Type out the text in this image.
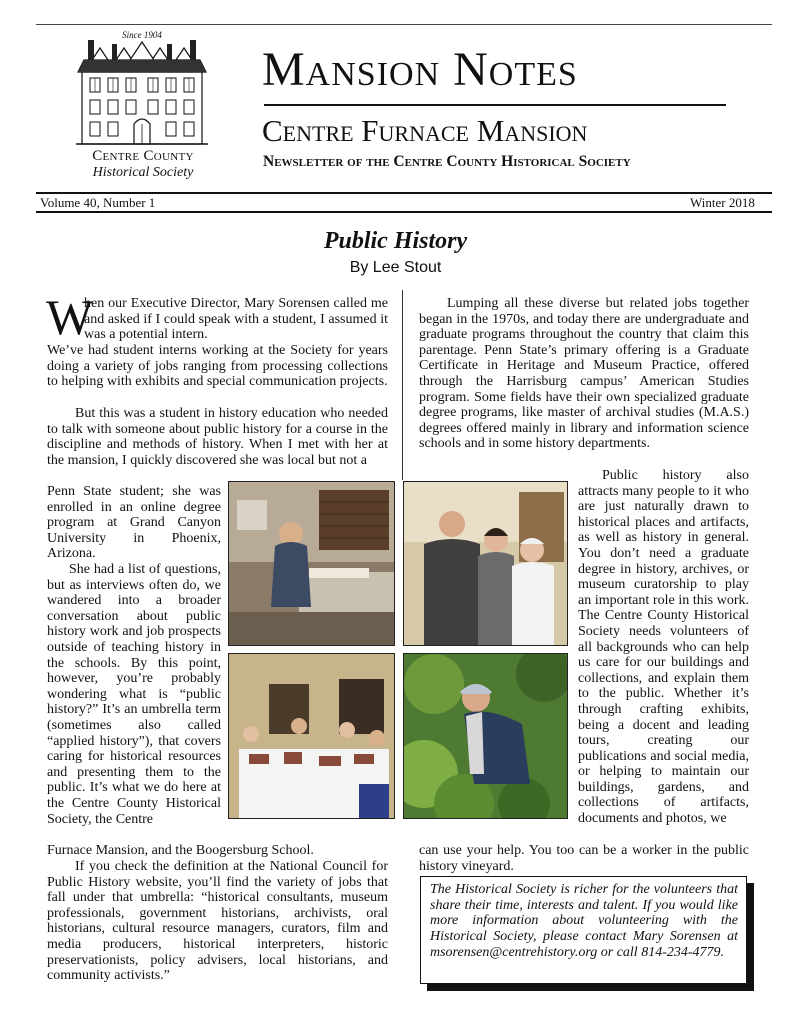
Since 1904
Centre County
Historical Society
Mansion Notes
Centre Furnace Mansion
Newsletter of the Centre County Historical Society
Volume 40, Number 1	Winter 2018
Public History
By Lee Stout
W
hen our Executive Director, Mary Sorensen called me and asked if I could speak with a student, I assumed it was a potential intern.
We’ve had student interns working at the Society for years doing a variety of jobs ranging from processing collections to helping with exhibits and special communication projects.
But this was a student in history education who needed to talk with someone about public history for a course in the discipline and methods of history. When I met with her at the mansion, I quickly discovered she was local but not a
Penn State student; she was enrolled in an online degree program at Grand Canyon University in Phoenix, Arizona.
She had a list of questions, but as interviews often do, we wandered into a broader conversation about public history work and job prospects outside of teaching history in the schools. By this point, however, you’re probably wondering what is “public history?” It’s an umbrella term (sometimes also called “applied history”), that covers caring for historical resources and presenting them to the public. It’s what we do here at the Centre County Historical Society, the Centre
Furnace Mansion, and the Boogersburg School.
If you check the definition at the National Council for Public History website, you’ll find the variety of jobs that fall under that umbrella: “historical consultants, museum professionals, government historians, archivists, oral historians, cultural resource managers, curators, film and media producers, historical interpreters, historic preservationists, policy advisers, local historians, and community activists.”
Lumping all these diverse but related jobs together began in the 1970s, and today there are undergraduate and graduate programs throughout the country that claim this parentage. Penn State’s primary offering is a Graduate Certificate in Heritage and Museum Practice, offered through the Harrisburg campus’ American Studies program. Some fields have their own specialized graduate degree programs, like master of archival studies (M.A.S.) degrees offered mainly in library and information science schools and in some history departments.
Public history also attracts many people to it who are just naturally drawn to historical places and artifacts, as well as history in general. You don’t need a graduate degree in history, archives, or museum curatorship to play an important role in this work. The Centre County Historical Society needs volunteers of all backgrounds who can help us care for our buildings and collections, and explain them to the public. Whether it’s through crafting exhibits, being a docent and leading tours, creating our publications and social media, or helping to maintain our buildings, gardens, and collections of artifacts, documents and photos, we
can use your help. You too can be a worker in the public history vineyard.
The Historical Society is richer for the volunteers that share their time, interests and talent. If you would like more information about volunteering with the Historical Society, please contact Mary Sorensen at msorensen@centrehistory.org or call 814-234-4779.
